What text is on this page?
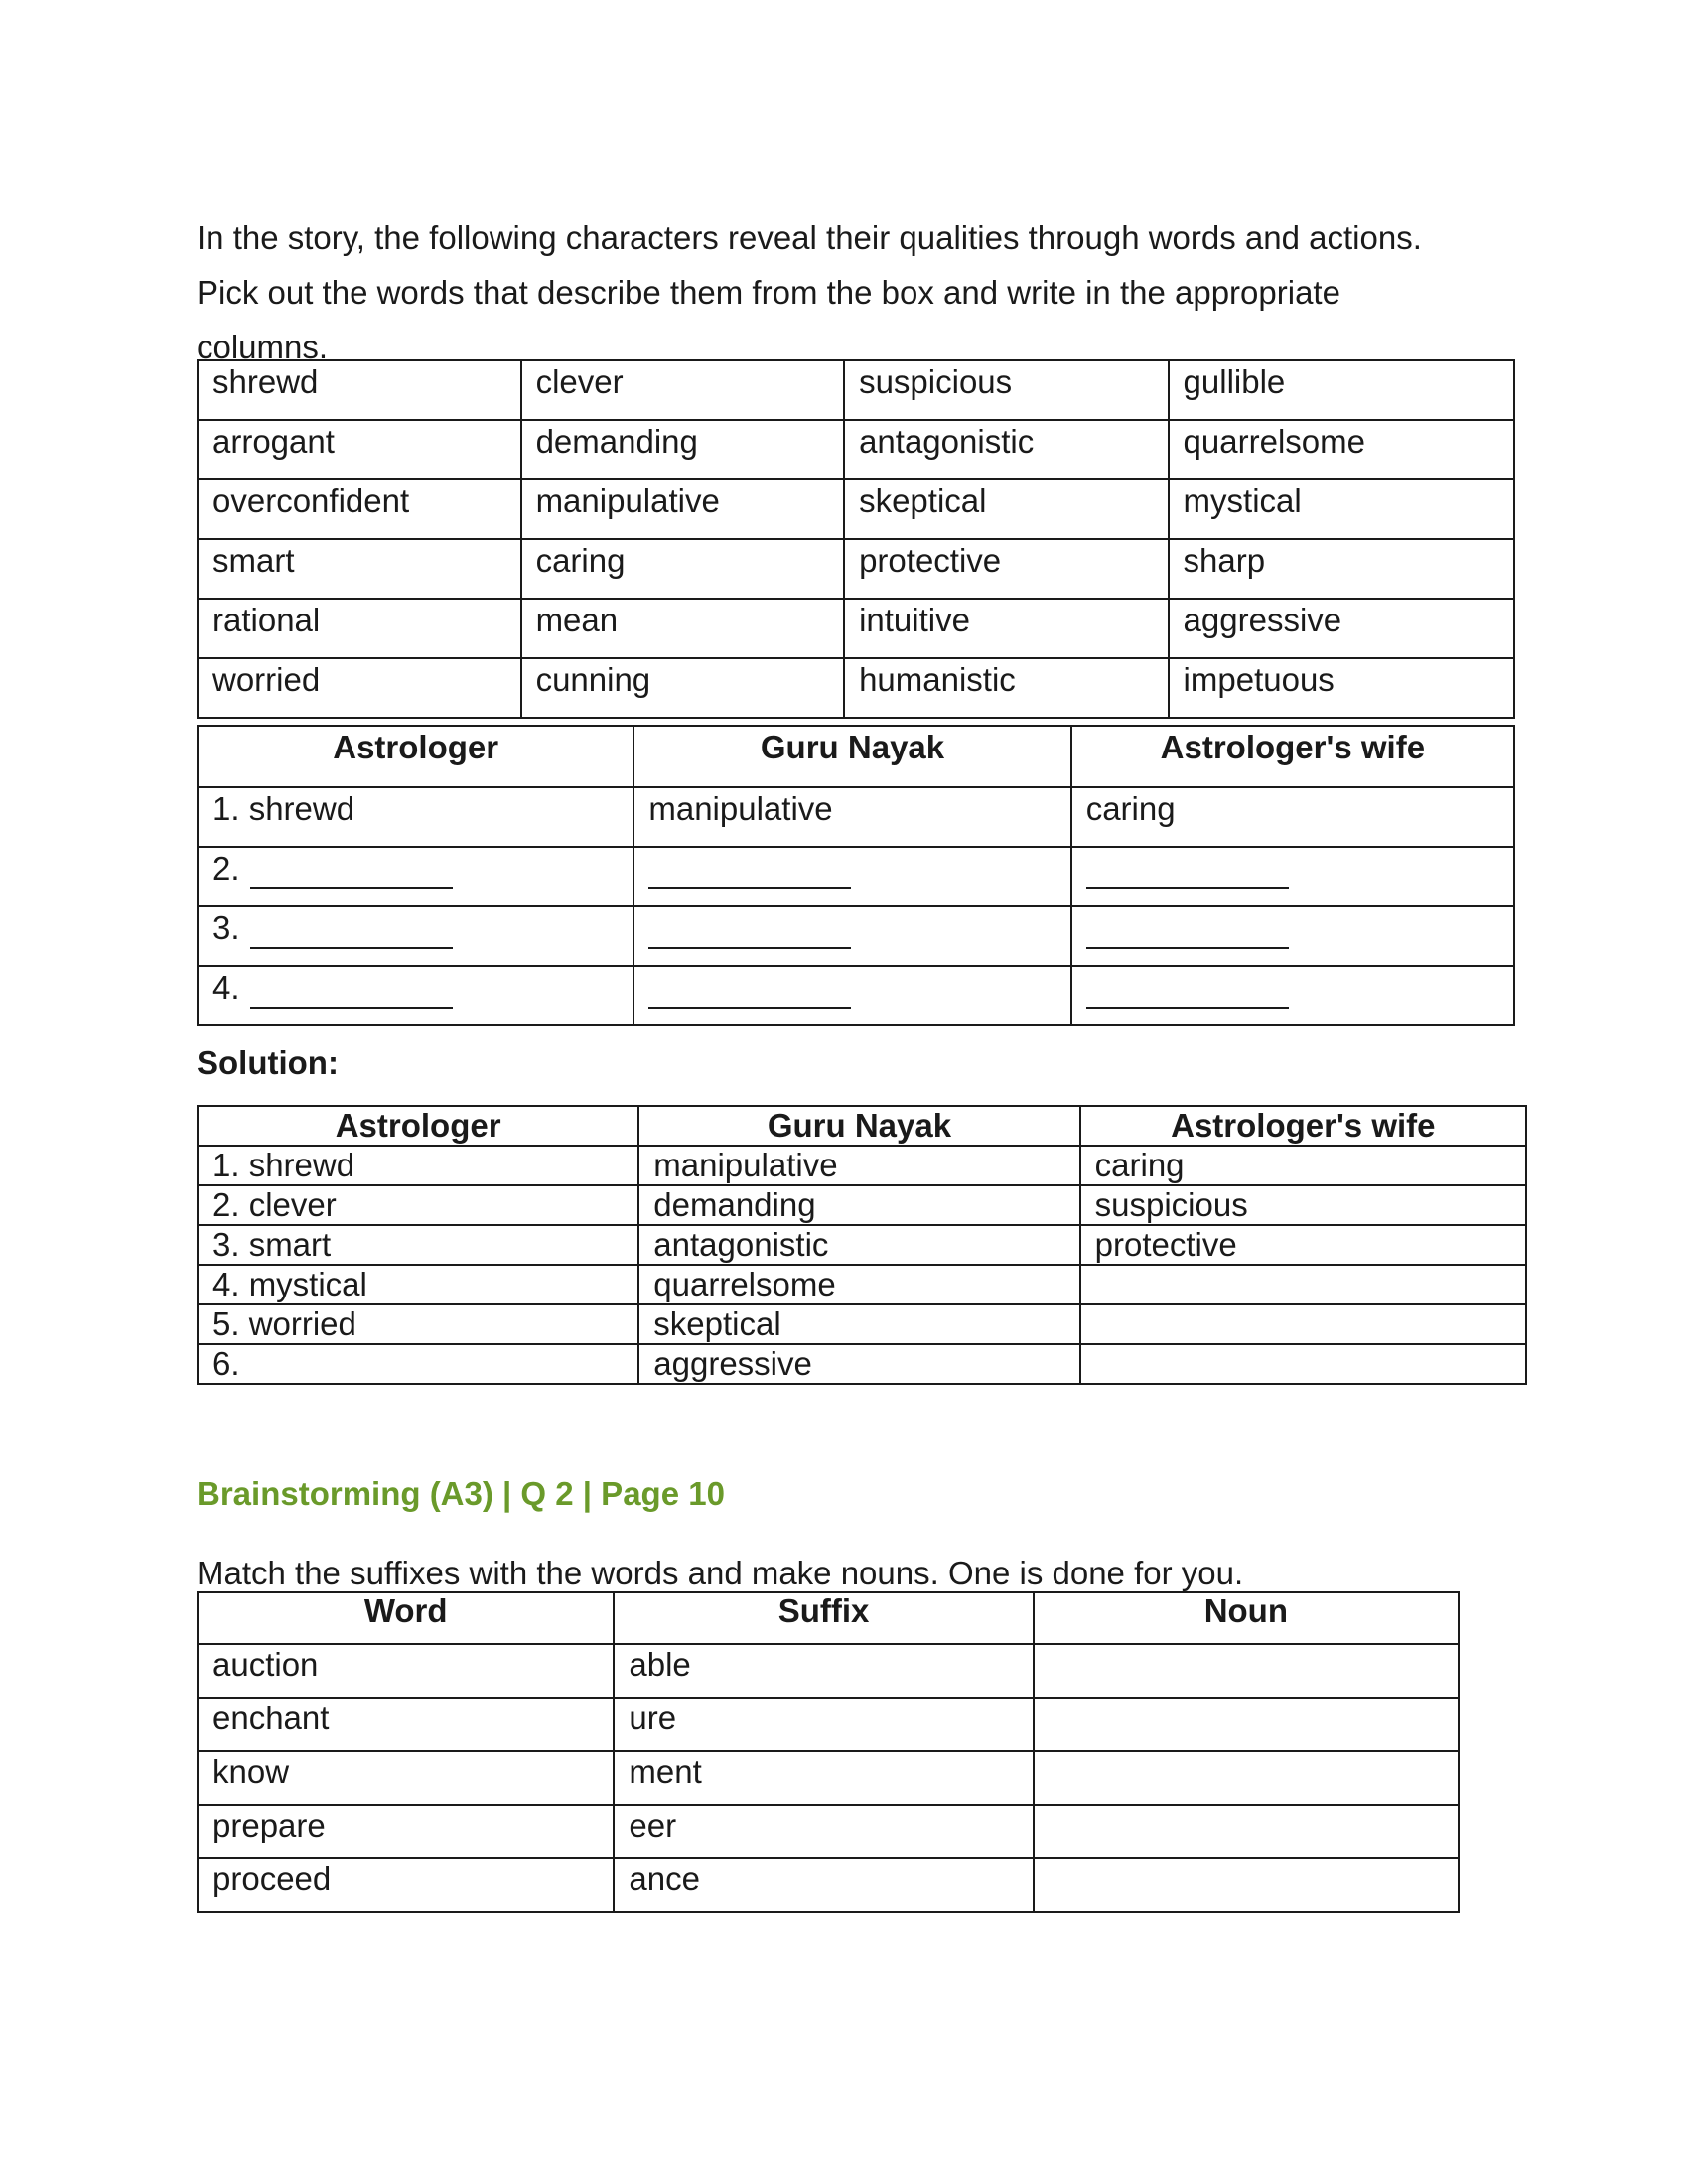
In the story, the following characters reveal their qualities through words and actions.

Pick out the words that describe them from the box and write in the appropriate

columns.

shrewd	clever	suspicious	gullible
arrogant	demanding	antagonistic	quarrelsome
overconfident	manipulative	skeptical	mystical
smart	caring	protective	sharp
rational	mean	intuitive	aggressive
worried	cunning	humanistic	impetuous
Astrologer	Guru Nayak	Astrologer's wife
1. shrewd	manipulative	caring
2.		
3.		
4.		

Solution:

Astrologer	Guru Nayak	Astrologer's wife
1. shrewd	manipulative	caring
2. clever	demanding	suspicious
3. smart	antagonistic	protective
4. mystical	quarrelsome	
5. worried	skeptical	
6.	aggressive	

Brainstorming (A3) | Q 2 | Page 10

Match the suffixes with the words and make nouns. One is done for you.

Word	Suffix	Noun
auction	able	
enchant	ure	
know	ment	
prepare	eer	
proceed	ance	
